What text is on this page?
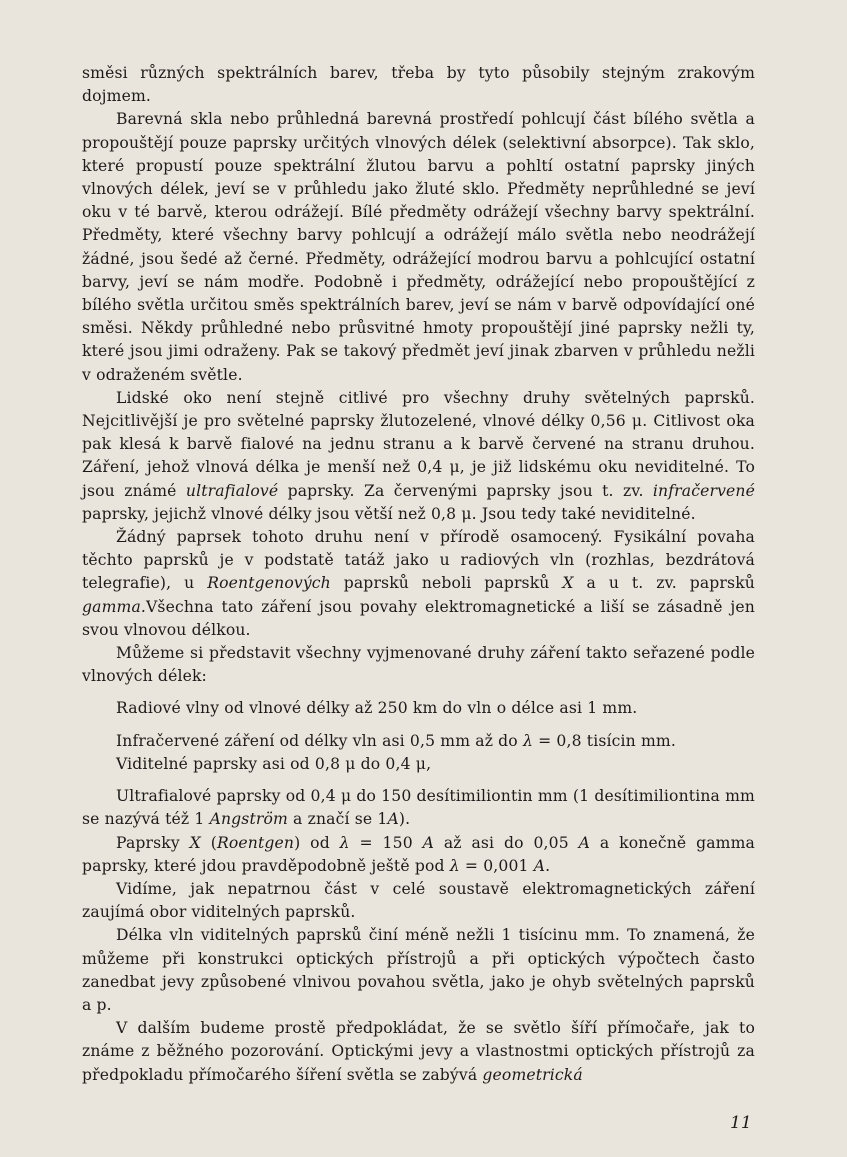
směsi různých spektrálních barev, třeba by tyto působily stejným zrakovým dojmem.

Barevná skla nebo průhledná barevná prostředí pohlcují část bílého světla a propouštějí pouze paprsky určitých vlnových délek (selektivní absorpce). Tak sklo, které propustí pouze spektrální žlutou barvu a pohltí ostatní paprsky jiných vlnových délek, jeví se v průhledu jako žluté sklo. Předměty neprůhledné se jeví oku v té barvě, kterou odrážejí. Bílé předměty odrážejí všechny barvy spektrální. Předměty, které všechny barvy pohlcují a odrážejí málo světla nebo neodrážejí žádné, jsou šedé až černé. Předměty, odrážející modrou barvu a pohlcující ostatní barvy, jeví se nám modře. Podobně i předměty, odrážející nebo propouštějící z bílého světla určitou směs spektrálních barev, jeví se nám v barvě odpovídající oné směsi. Někdy průhledné nebo průsvitné hmoty propouštějí jiné paprsky nežli ty, které jsou jimi odraženy. Pak se takový předmět jeví jinak zbarven v průhledu nežli v odraženém světle.

Lidské oko není stejně citlivé pro všechny druhy světelných paprsků. Nejcitlivější je pro světelné paprsky žlutozelené, vlnové délky 0,56 μ. Citlivost oka pak klesá k barvě fialové na jednu stranu a k barvě červené na stranu druhou. Záření, jehož vlnová délka je menší než 0,4 μ, je již lidskému oku neviditelné. To jsou známé ultrafialové paprsky. Za červenými paprsky jsou t. zv. infračervené paprsky, jejichž vlnové délky jsou větší než 0,8 μ. Jsou tedy také neviditelné.

Žádný paprsek tohoto druhu není v přírodě osamocený. Fysikální povaha těchto paprsků je v podstatě tatáž jako u radiových vln (rozhlas, bezdrátová telegrafie), u Roentgenových paprsků neboli paprsků X a u t. zv. paprsků gamma.Všechna tato záření jsou povahy elektromagnetické a liší se zásadně jen svou vlnovou délkou.

Můžeme si představit všechny vyjmenované druhy záření takto seřazené podle vlnových délek:

Radiové vlny od vlnové délky až 250 km do vln o délce asi 1 mm.

Infračervené záření od délky vln asi 0,5 mm až do λ = 0,8 tisícin mm.

Viditelné paprsky asi od 0,8 μ do 0,4 μ,

Ultrafialové paprsky od 0,4 μ do 150 desítimiliontin mm (1 desítimiliontina mm se nazývá též 1 Angström a značí se 1A).

Paprsky X (Roentgen) od λ = 150 A až asi do 0,05 A a konečně gamma paprsky, které jdou pravděpodobně ještě pod λ = 0,001 A.

Vidíme, jak nepatrnou část v celé soustavě elektromagnetických záření zaujímá obor viditelných paprsků.

Délka vln viditelných paprsků činí méně nežli 1 tisícinu mm. To znamená, že můžeme při konstrukci optických přístrojů a při optických výpočtech často zanedbat jevy způsobené vlnivou povahou světla, jako je ohyb světelných paprsků a p.

V dalším budeme prostě předpokládat, že se světlo šíří přímočaře, jak to známe z běžného pozorování. Optickými jevy a vlastnostmi optických přístrojů za předpokladu přímočarého šíření světla se zabývá geometrická

11
